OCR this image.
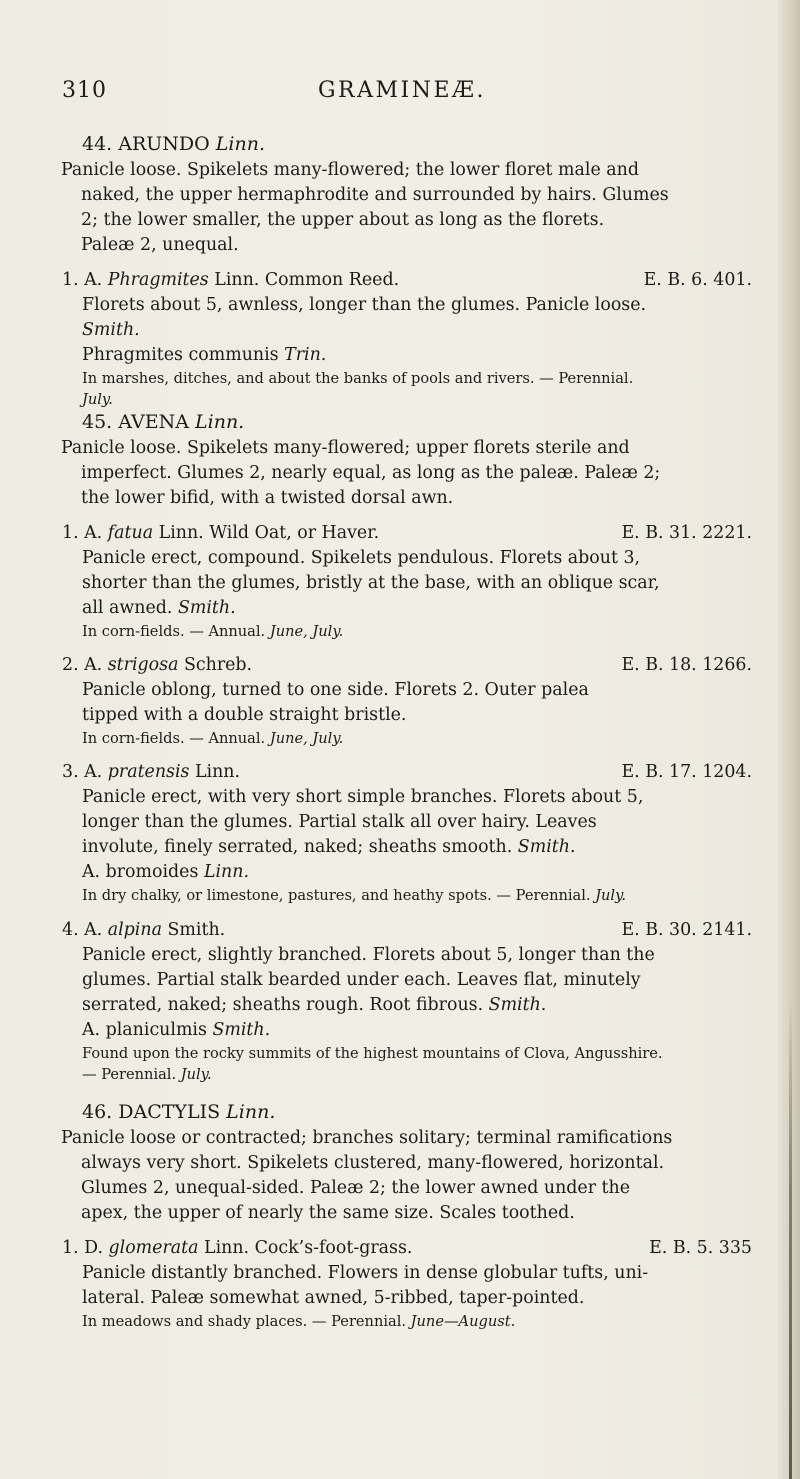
310	GRAMINEÆ.

44. ARUNDO Linn.

Panicle loose. Spikelets many-flowered; the lower floret male and

naked, the upper hermaphrodite and surrounded by hairs. Glumes

2; the lower smaller, the upper about as long as the florets.

Paleæ 2, unequal.

1. A. Phragmites Linn. Common Reed.	E. B. 6. 401.

Florets about 5, awnless, longer than the glumes. Panicle loose.

Smith.

Phragmites communis Trin.

In marshes, ditches, and about the banks of pools and rivers. — Perennial.

July.

45. AVENA Linn.

Panicle loose. Spikelets many-flowered; upper florets sterile and

imperfect. Glumes 2, nearly equal, as long as the paleæ. Paleæ 2;

the lower bifid, with a twisted dorsal awn.

1. A. fatua Linn. Wild Oat, or Haver.	E. B. 31. 2221.

Panicle erect, compound. Spikelets pendulous. Florets about 3,

shorter than the glumes, bristly at the base, with an oblique scar,

all awned. Smith.

In corn-fields. — Annual. June, July.

2. A. strigosa Schreb.	E. B. 18. 1266.

Panicle oblong, turned to one side. Florets 2. Outer palea

tipped with a double straight bristle.

In corn-fields. — Annual. June, July.

3. A. pratensis Linn.	E. B. 17. 1204.

Panicle erect, with very short simple branches. Florets about 5,

longer than the glumes. Partial stalk all over hairy. Leaves

involute, finely serrated, naked; sheaths smooth. Smith.

A. bromoides Linn.

In dry chalky, or limestone, pastures, and heathy spots. — Perennial. July.

4. A. alpina Smith.	E. B. 30. 2141.

Panicle erect, slightly branched. Florets about 5, longer than the

glumes. Partial stalk bearded under each. Leaves flat, minutely

serrated, naked; sheaths rough. Root fibrous. Smith.

A. planiculmis Smith.

Found upon the rocky summits of the highest mountains of Clova, Angusshire.

— Perennial. July.

46. DACTYLIS Linn.

Panicle loose or contracted; branches solitary; terminal ramifications

always very short. Spikelets clustered, many-flowered, horizontal.

Glumes 2, unequal-sided. Paleæ 2; the lower awned under the

apex, the upper of nearly the same size. Scales toothed.

1. D. glomerata Linn. Cock’s-foot-grass.	E. B. 5. 335

Panicle distantly branched. Flowers in dense globular tufts, uni-

lateral. Paleæ somewhat awned, 5-ribbed, taper-pointed.

In meadows and shady places. — Perennial. June—August.
